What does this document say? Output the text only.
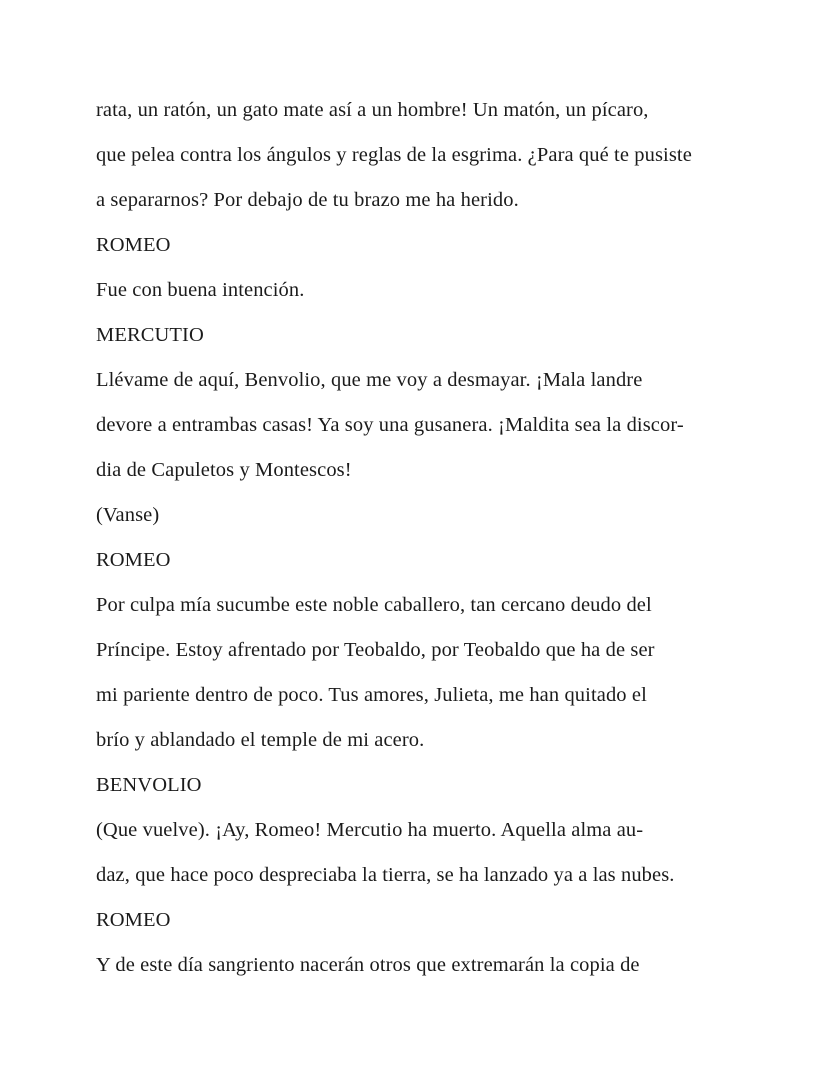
rata, un ratón, un gato mate así a un hombre! Un matón, un pícaro,
que pelea contra los ángulos y reglas de la esgrima. ¿Para qué te pusiste
a separarnos? Por debajo de tu brazo me ha herido.
ROMEO
Fue con buena intención.
MERCUTIO
Llévame de aquí, Benvolio, que me voy a desmayar. ¡Mala landre
devore a entrambas casas! Ya soy una gusanera. ¡Maldita sea la discor-
dia de Capuletos y Montescos!
(Vanse)
ROMEO
Por culpa mía sucumbe este noble caballero, tan cercano deudo del
Príncipe. Estoy afrentado por Teobaldo, por Teobaldo que ha de ser
mi pariente dentro de poco. Tus amores, Julieta, me han quitado el
brío y ablandado el temple de mi acero.
BENVOLIO
(Que vuelve). ¡Ay, Romeo! Mercutio ha muerto. Aquella alma au-
daz, que hace poco despreciaba la tierra, se ha lanzado ya a las nubes.
ROMEO
Y de este día sangriento nacerán otros que extremarán la copia de
